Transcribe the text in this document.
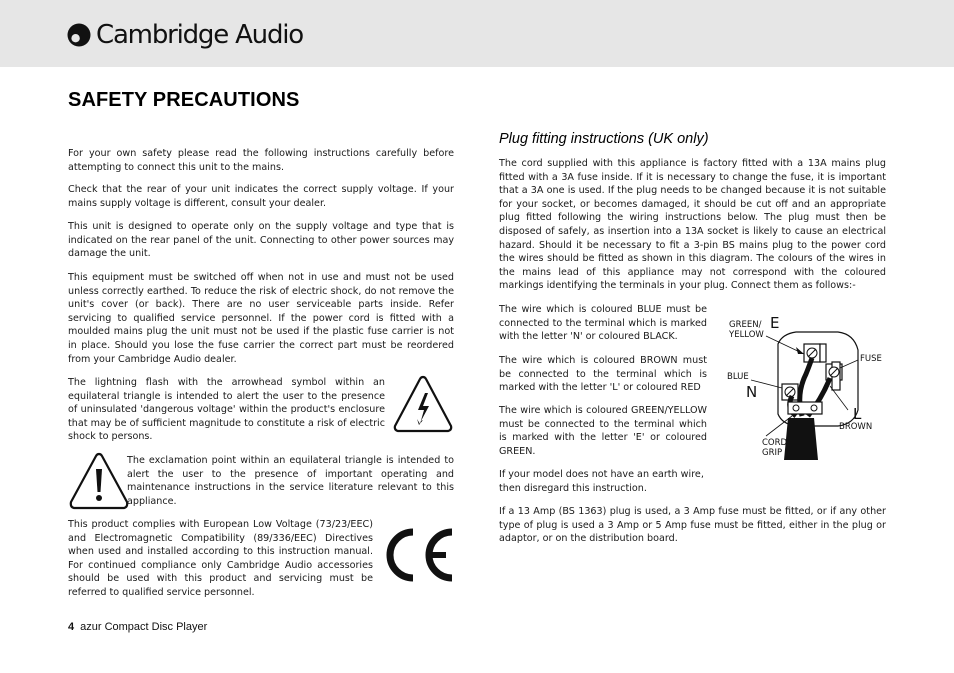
Cambridge Audio
SAFETY PRECAUTIONS

For your own safety please read the following instructions carefully before attempting to connect this unit to the mains.

Check that the rear of your unit indicates the correct supply voltage. If your mains supply voltage is different, consult your dealer.

This unit is designed to operate only on the supply voltage and type that is indicated on the rear panel of the unit. Connecting to other power sources may damage the unit.

This equipment must be switched off when not in use and must not be used unless correctly earthed. To reduce the risk of electric shock, do not remove the unit's cover (or back). There are no user serviceable parts inside. Refer servicing to qualified service personnel. If the power cord is fitted with a moulded mains plug the unit must not be used if the plastic fuse carrier is not in place. Should you lose the fuse carrier the correct part must be reordered from your Cambridge Audio dealer.

The lightning flash with the arrowhead symbol within an equilateral triangle is intended to alert the user to the presence of uninsulated 'dangerous voltage' within the product's enclosure that may be of sufficient magnitude to constitute a risk of electric shock to persons.

The exclamation point within an equilateral triangle is intended to alert the user to the presence of important operating and maintenance instructions in the service literature relevant to this appliance.

This product complies with European Low Voltage (73/23/EEC) and Electromagnetic Compatibility (89/336/EEC) Directives when used and installed according to this instruction manual. For continued compliance only Cambridge Audio accessories should be used with this product and servicing must be referred to qualified service personnel.

Plug fitting instructions (UK only)

The cord supplied with this appliance is factory fitted with a 13A mains plug fitted with a 3A fuse inside. If it is necessary to change the fuse, it is important that a 3A one is used. If the plug needs to be changed because it is not suitable for your socket, or becomes damaged, it should be cut off and an appropriate plug fitted following the wiring instructions below. The plug must then be disposed of safely, as insertion into a 13A socket is likely to cause an electrical hazard. Should it be necessary to fit a 3-pin BS mains plug to the power cord the wires should be fitted as shown in this diagram. The colours of the wires in the mains lead of this appliance may not correspond with the coloured markings identifying the terminals in your plug. Connect them as follows:-

The wire which is coloured BLUE must be connected to the terminal which is marked with the letter 'N' or coloured BLACK.

The wire which is coloured BROWN must be connected to the terminal which is marked with the letter 'L' or coloured RED

The wire which is coloured GREEN/YELLOW must be connected to the terminal which is marked with the letter 'E' or coloured GREEN.

If your model does not have an earth wire, then disregard this instruction.

GREEN/
YELLOW
E
BLUE
N
FUSE
L
BROWN
CORD
GRIP

If a 13 Amp (BS 1363) plug is used, a 3 Amp fuse must be fitted, or if any other type of plug is used a 3 Amp or 5 Amp fuse must be fitted, either in the plug or adaptor, or on the distribution board.

4 azur Compact Disc Player
